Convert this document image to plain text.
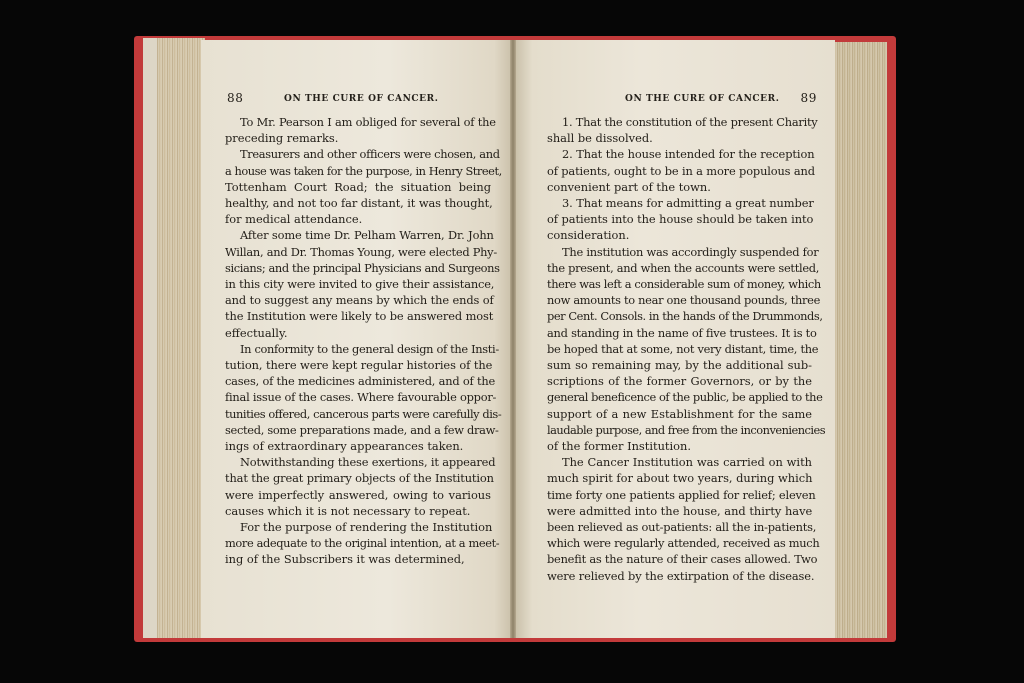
88	ON THE CURE OF CANCER.

To Mr. Pearson I am obliged for several of the
preceding remarks.

Treasurers and other officers were chosen, and
a house was taken for the purpose, in Henry Street,
Tottenham Court Road; the situation being
healthy, and not too far distant, it was thought,
for medical attendance.

After some time Dr. Pelham Warren, Dr. John
Willan, and Dr. Thomas Young, were elected Phy-
sicians; and the principal Physicians and Surgeons
in this city were invited to give their assistance,
and to suggest any means by which the ends of
the Institution were likely to be answered most
effectually.

In conformity to the general design of the Insti-
tution, there were kept regular histories of the
cases, of the medicines administered, and of the
final issue of the cases. Where favourable oppor-
tunities offered, cancerous parts were carefully dis-
sected, some preparations made, and a few draw-
ings of extraordinary appearances taken.

Notwithstanding these exertions, it appeared
that the great primary objects of the Institution
were imperfectly answered, owing to various
causes which it is not necessary to repeat.

For the purpose of rendering the Institution
more adequate to the original intention, at a meet-
ing of the Subscribers it was determined,

ON THE CURE OF CANCER. 89

1. That the constitution of the present Charity
shall be dissolved.

2. That the house intended for the reception
of patients, ought to be in a more populous and
convenient part of the town.

3. That means for admitting a great number
of patients into the house should be taken into
consideration.

The institution was accordingly suspended for
the present, and when the accounts were settled,
there was left a considerable sum of money, which
now amounts to near one thousand pounds, three
per Cent. Consols. in the hands of the Drummonds,
and standing in the name of five trustees. It is to
be hoped that at some, not very distant, time, the
sum so remaining may, by the additional sub-
scriptions of the former Governors, or by the
general beneficence of the public, be applied to the
support of a new Establishment for the same
laudable purpose, and free from the inconveniencies
of the former Institution.

The Cancer Institution was carried on with
much spirit for about two years, during which
time forty one patients applied for relief; eleven
were admitted into the house, and thirty have
been relieved as out-patients: all the in-patients,
which were regularly attended, received as much
benefit as the nature of their cases allowed. Two
were relieved by the extirpation of the disease.
